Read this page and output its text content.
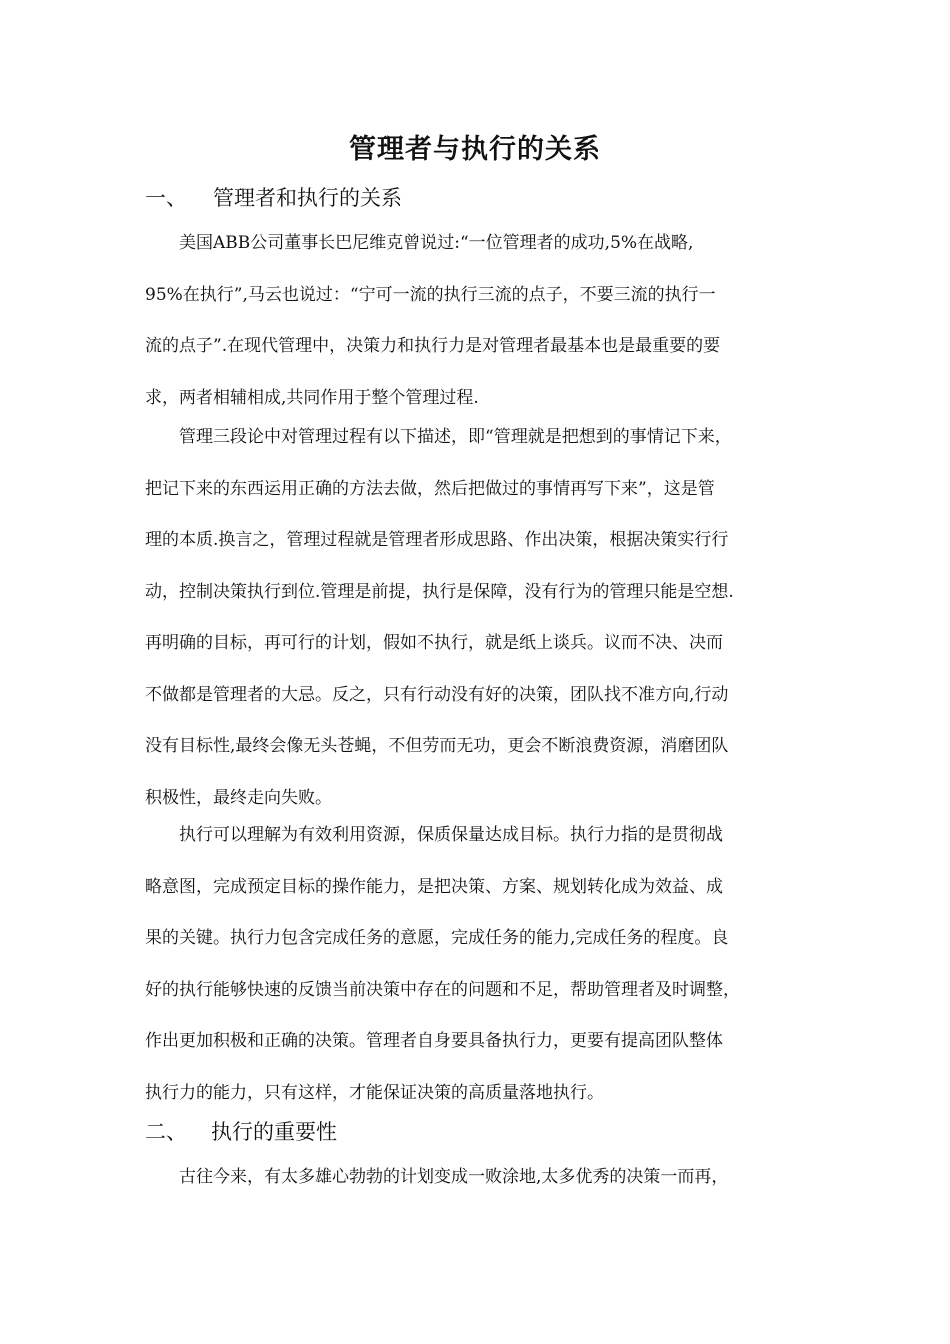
管理者与执行的关系
一、 管理者和执行的关系
美国ABB公司董事长巴尼维克曾说过:“一位管理者的成功,5%在战略,
95%在执行”,马云也说过：“宁可一流的执行三流的点子，不要三流的执行一
流的点子”.在现代管理中，决策力和执行力是对管理者最基本也是最重要的要
求，两者相辅相成,共同作用于整个管理过程.
管理三段论中对管理过程有以下描述，即“管理就是把想到的事情记下来，
把记下来的东西运用正确的方法去做，然后把做过的事情再写下来”，这是管
理的本质.换言之，管理过程就是管理者形成思路、作出决策，根据决策实行行
动，控制决策执行到位.管理是前提，执行是保障，没有行为的管理只能是空想.
再明确的目标，再可行的计划，假如不执行，就是纸上谈兵。议而不决、决而
不做都是管理者的大忌。反之，只有行动没有好的决策，团队找不准方向,行动
没有目标性,最终会像无头苍蝇，不但劳而无功，更会不断浪费资源，消磨团队
积极性，最终走向失败。
执行可以理解为有效利用资源，保质保量达成目标。执行力指的是贯彻战
略意图，完成预定目标的操作能力，是把决策、方案、规划转化成为效益、成
果的关键。执行力包含完成任务的意愿，完成任务的能力,完成任务的程度。良
好的执行能够快速的反馈当前决策中存在的问题和不足，帮助管理者及时调整，
作出更加积极和正确的决策。管理者自身要具备执行力，更要有提高团队整体
执行力的能力，只有这样，才能保证决策的高质量落地执行。
二、 执行的重要性
古往今来，有太多雄心勃勃的计划变成一败涂地,太多优秀的决策一而再，
